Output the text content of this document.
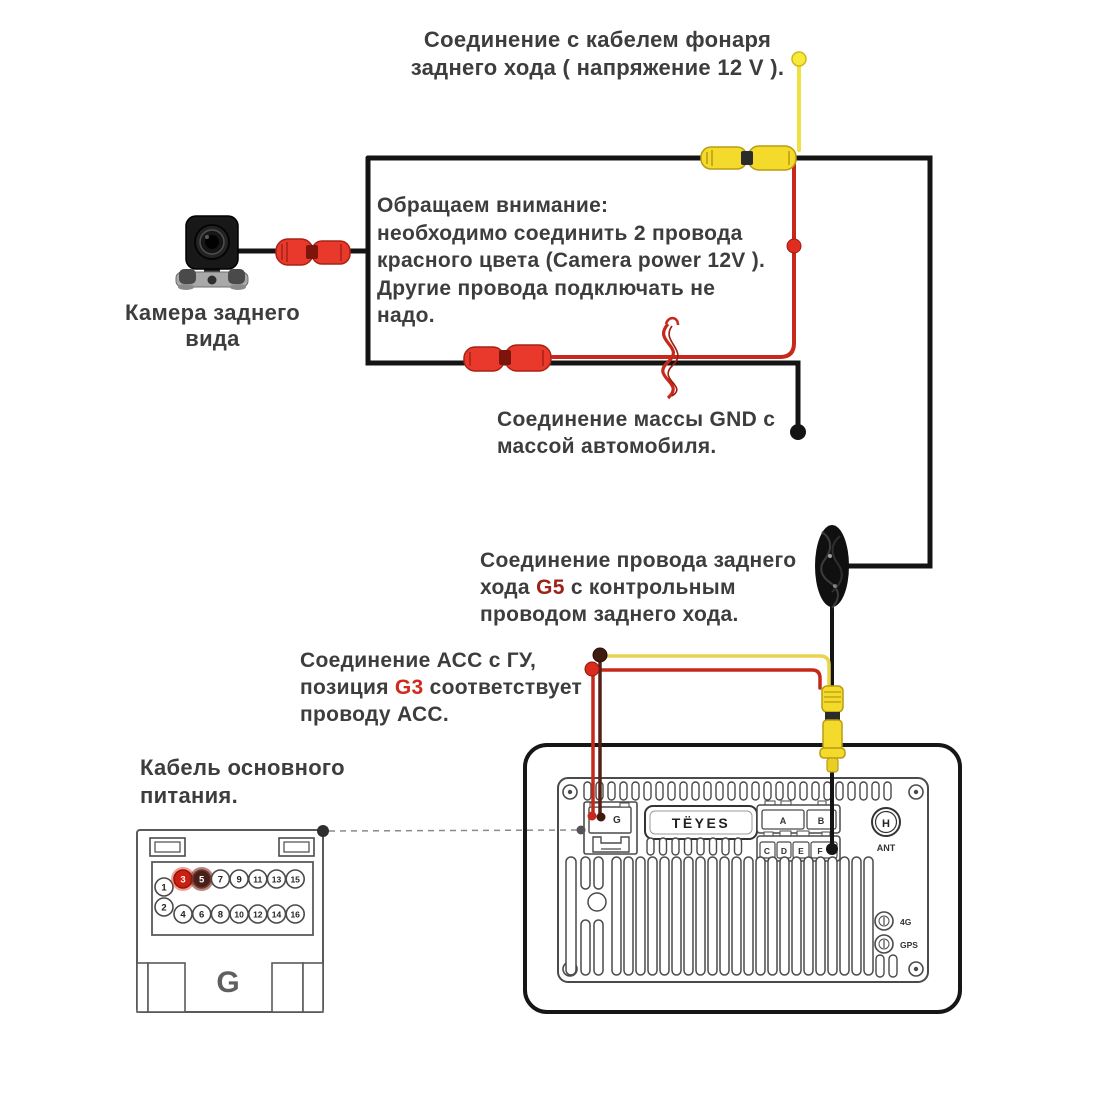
G	TËYES	A	B
C D E F
H
ANT
4G
GPS
G
1
2
3 5 7 9 11 13 15
4 6 8 10 12 14 16
Соединение с кабелем фонаря
заднего хода ( напряжение 12 V ).
Обращаем внимание:
необходимо соединить 2 провода
красного цвета (Camera power 12V ).
Другие провода подключать не
надо.
Камера заднего
вида
Соединение массы GND с
массой автомобиля.
Соединение провода заднего
хода G5 с контрольным
проводом заднего хода.
Соединение АСС с ГУ,
позиция G3 соответствует
проводу АСС.
Кабель основного
питания.
